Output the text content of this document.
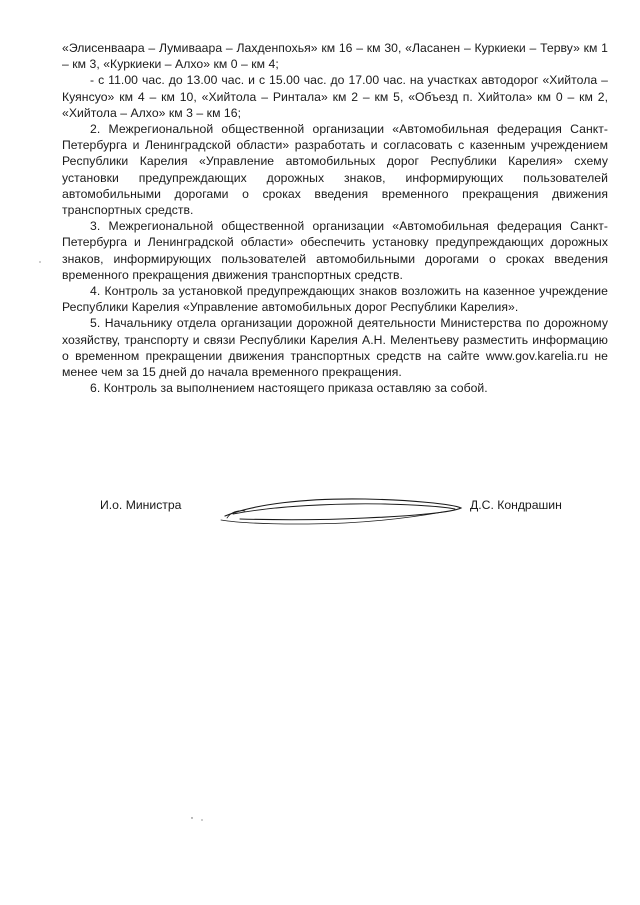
«Элисенваара – Лумиваара – Лахденпохья» км 16 – км 30, «Ласанен – Куркиеки – Терву» км 1 – км 3, «Куркиеки – Алхо» км 0 – км 4;

- с 11.00 час. до 13.00 час. и с 15.00 час. до 17.00 час. на участках автодорог «Хийтола – Куянсуо» км 4 – км 10, «Хийтола – Ринтала» км 2 – км 5, «Объезд п. Хийтола» км 0 – км 2, «Хийтола – Алхо» км 3 – км 16;

2. Межрегиональной общественной организации «Автомобильная федерация Санкт-Петербурга и Ленинградской области» разработать и согласовать с казенным учреждением Республики Карелия «Управление автомобильных дорог Республики Карелия» схему установки предупреждающих дорожных знаков, информирующих пользователей автомобильными дорогами о сроках введения временного прекращения движения транспортных средств.

3. Межрегиональной общественной организации «Автомобильная федерация Санкт-Петербурга и Ленинградской области» обеспечить установку предупреждающих дорожных знаков, информирующих пользователей автомобильными дорогами о сроках введения временного прекращения движения транспортных средств.

4. Контроль за установкой предупреждающих знаков возложить на казенное учреждение Республики Карелия «Управление автомобильных дорог Республики Карелия».

5. Начальнику отдела организации дорожной деятельности Министерства по дорожному хозяйству, транспорту и связи Республики Карелия А.Н. Мелентьеву разместить информацию о временном прекращении движения транспортных средств на сайте www.gov.karelia.ru не менее чем за 15 дней до начала временного прекращения.

6. Контроль за выполнением настоящего приказа оставляю за собой.

И.о. Министра	Д.С. Кондрашин
